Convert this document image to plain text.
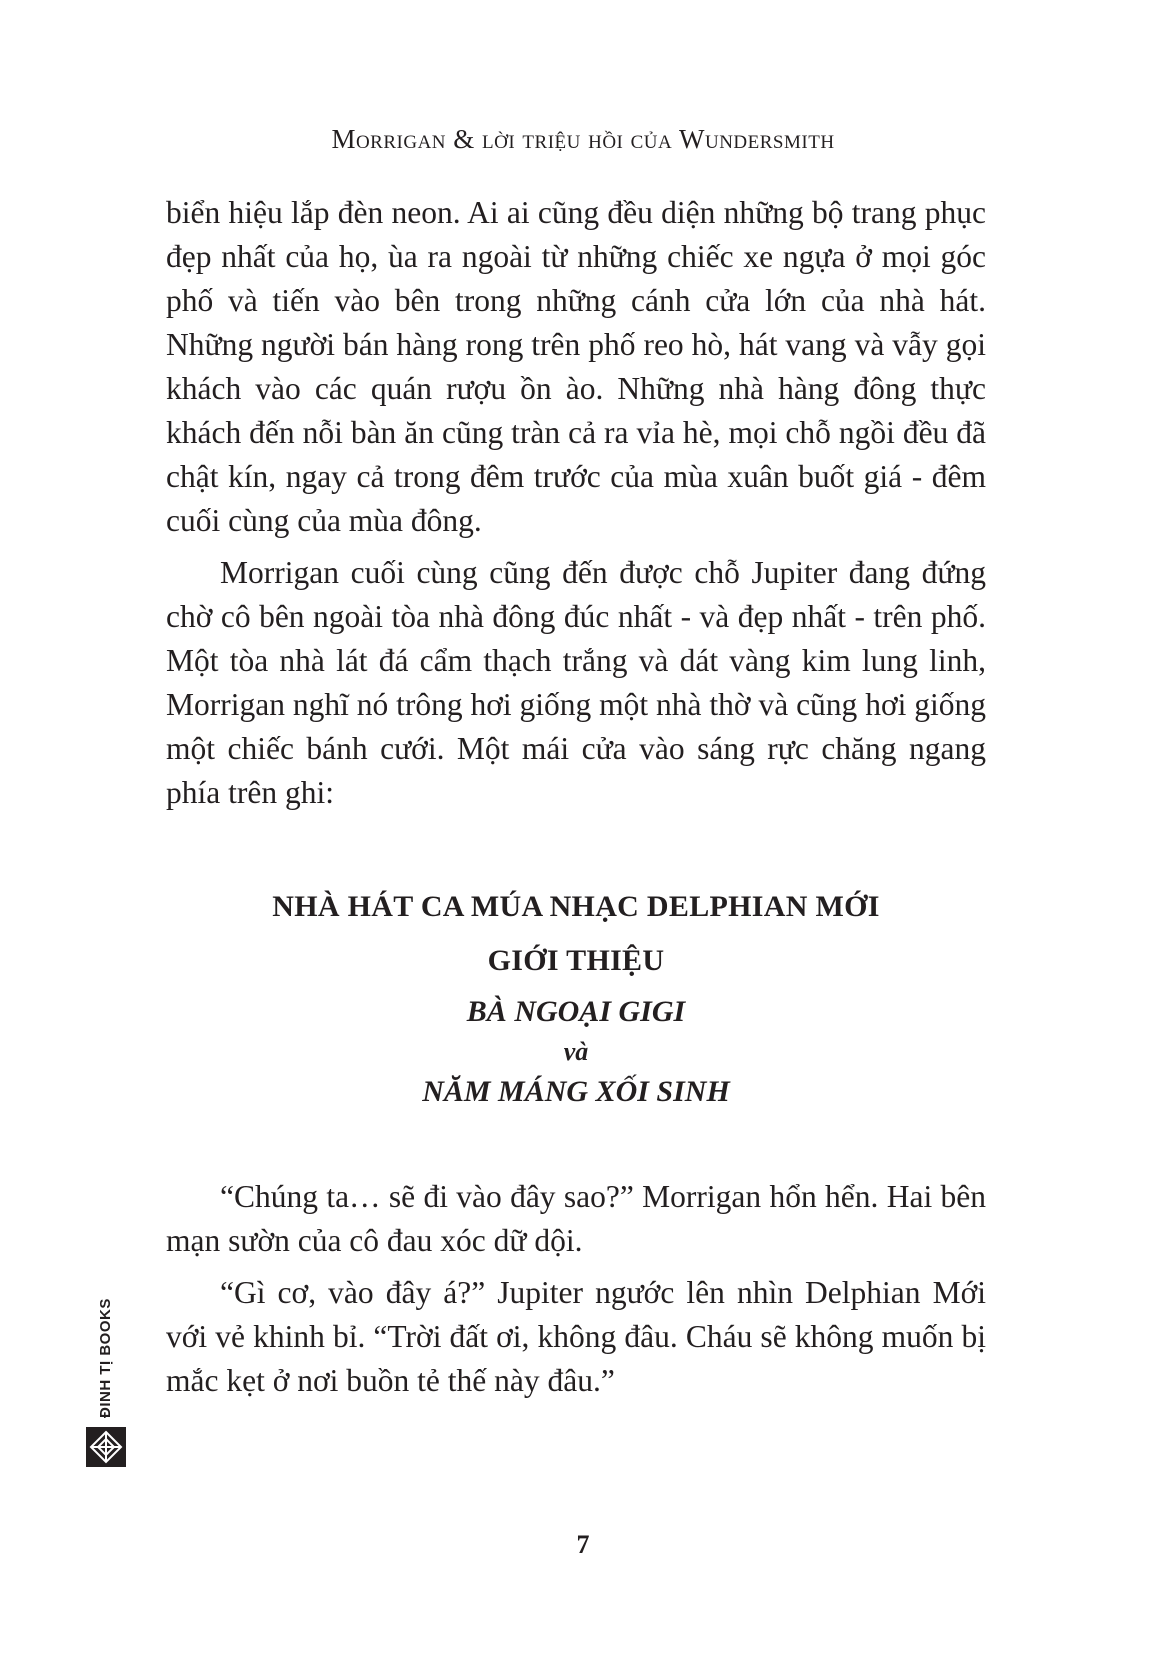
Morrigan & lời triệu hồi của Wundersmith

biển hiệu lắp đèn neon. Ai ai cũng đều diện những bộ trang phục đẹp nhất của họ, ùa ra ngoài từ những chiếc xe ngựa ở mọi góc phố và tiến vào bên trong những cánh cửa lớn của nhà hát. Những người bán hàng rong trên phố reo hò, hát vang và vẫy gọi khách vào các quán rượu ồn ào. Những nhà hàng đông thực khách đến nỗi bàn ăn cũng tràn cả ra vỉa hè, mọi chỗ ngồi đều đã chật kín, ngay cả trong đêm trước của mùa xuân buốt giá - đêm cuối cùng của mùa đông.

Morrigan cuối cùng cũng đến được chỗ Jupiter đang đứng chờ cô bên ngoài tòa nhà đông đúc nhất - và đẹp nhất - trên phố. Một tòa nhà lát đá cẩm thạch trắng và dát vàng kim lung linh, Morrigan nghĩ nó trông hơi giống một nhà thờ và cũng hơi giống một chiếc bánh cưới. Một mái cửa vào sáng rực chăng ngang phía trên ghi:

NHÀ HÁT CA MÚA NHẠC DELPHIAN MỚI
GIỚI THIỆU
BÀ NGOẠI GIGI
và
NĂM MÁNG XỐI SINH

“Chúng ta… sẽ đi vào đây sao?” Morrigan hổn hển. Hai bên mạn sườn của cô đau xóc dữ dội.

“Gì cơ, vào đây á?” Jupiter ngước lên nhìn Delphian Mới với vẻ khinh bỉ. “Trời đất ơi, không đâu. Cháu sẽ không muốn bị mắc kẹt ở nơi buồn tẻ thế này đâu.”

ĐINH TỊ BOOKS
7
